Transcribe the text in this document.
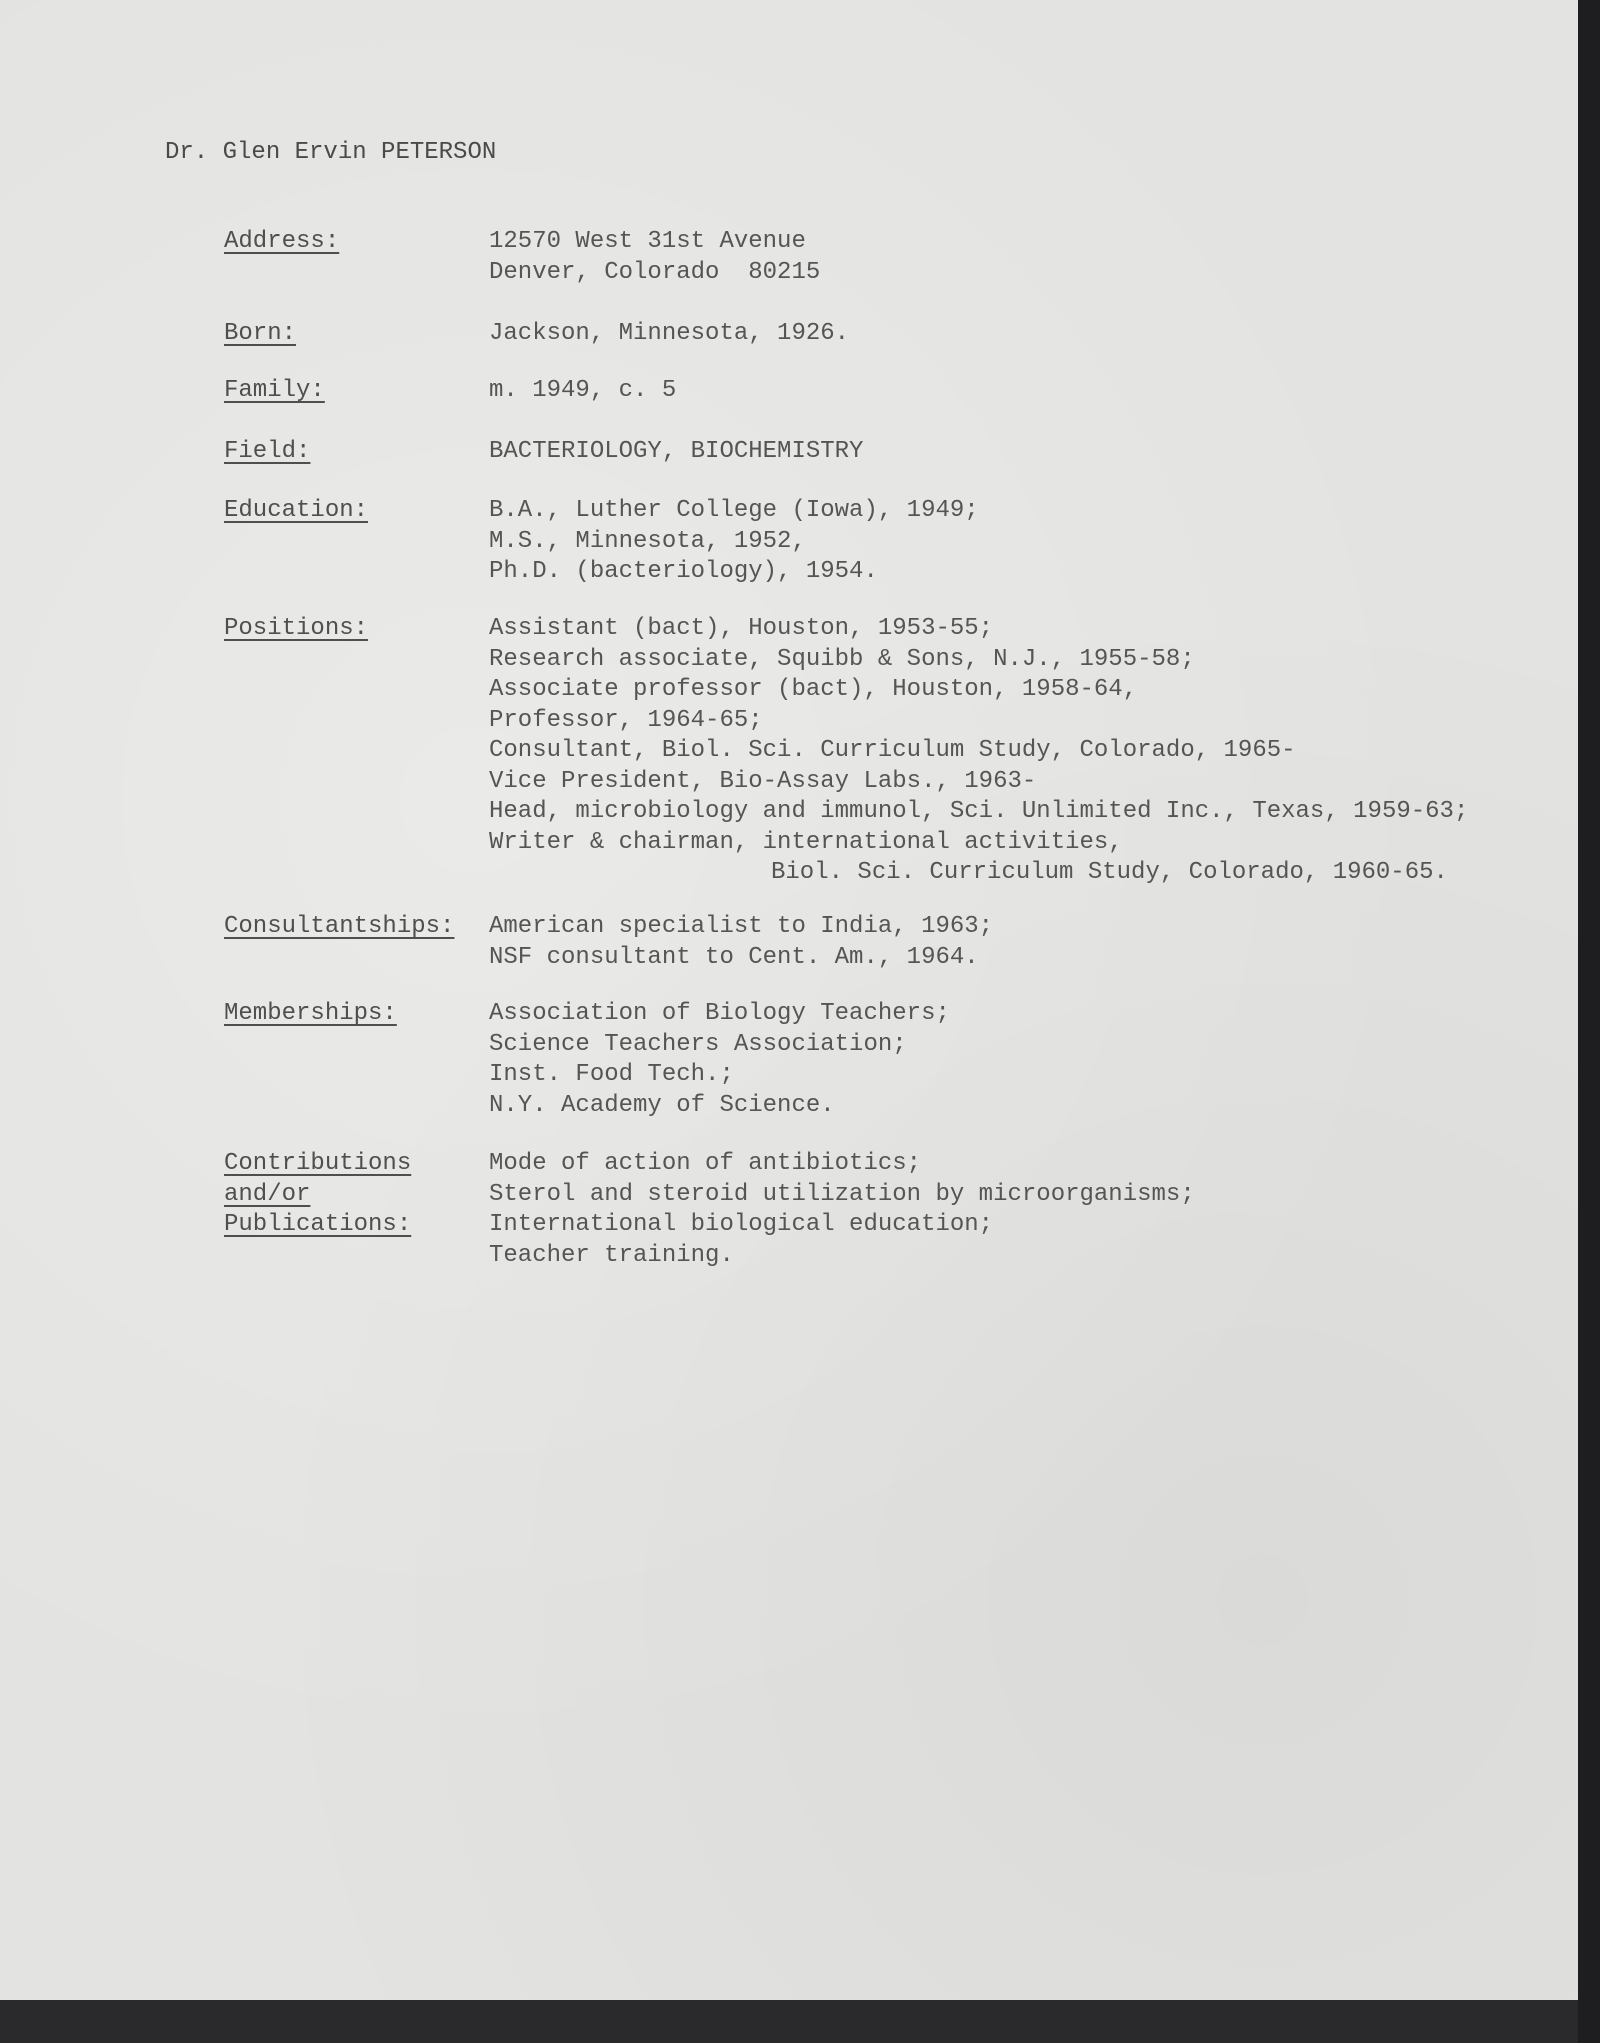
Dr. Glen Ervin PETERSON
Address:	12570 West 31st Avenue
Denver, Colorado  80215
Born:	Jackson, Minnesota, 1926.
Family:	m. 1949, c. 5
Field:	BACTERIOLOGY, BIOCHEMISTRY
Education:	B.A., Luther College (Iowa), 1949;
M.S., Minnesota, 1952,
Ph.D. (bacteriology), 1954.
Positions:	Assistant (bact), Houston, 1953-55;
Research associate, Squibb & Sons, N.J., 1955-58;
Associate professor (bact), Houston, 1958-64,
Professor, 1964-65;
Consultant, Biol. Sci. Curriculum Study, Colorado, 1965-
Vice President, Bio-Assay Labs., 1963-
Head, microbiology and immunol, Sci. Unlimited Inc., Texas, 1959-63;
Writer & chairman, international activities,
Biol. Sci. Curriculum Study, Colorado, 1960-65.
Consultantships: American specialist to India, 1963;
NSF consultant to Cent. Am., 1964.
Memberships:	Association of Biology Teachers;
Science Teachers Association;
Inst. Food Tech.;
N.Y. Academy of Science.
Contributions
and/or
Publications:
Mode of action of antibiotics;
Sterol and steroid utilization by microorganisms;
International biological education;
Teacher training.
